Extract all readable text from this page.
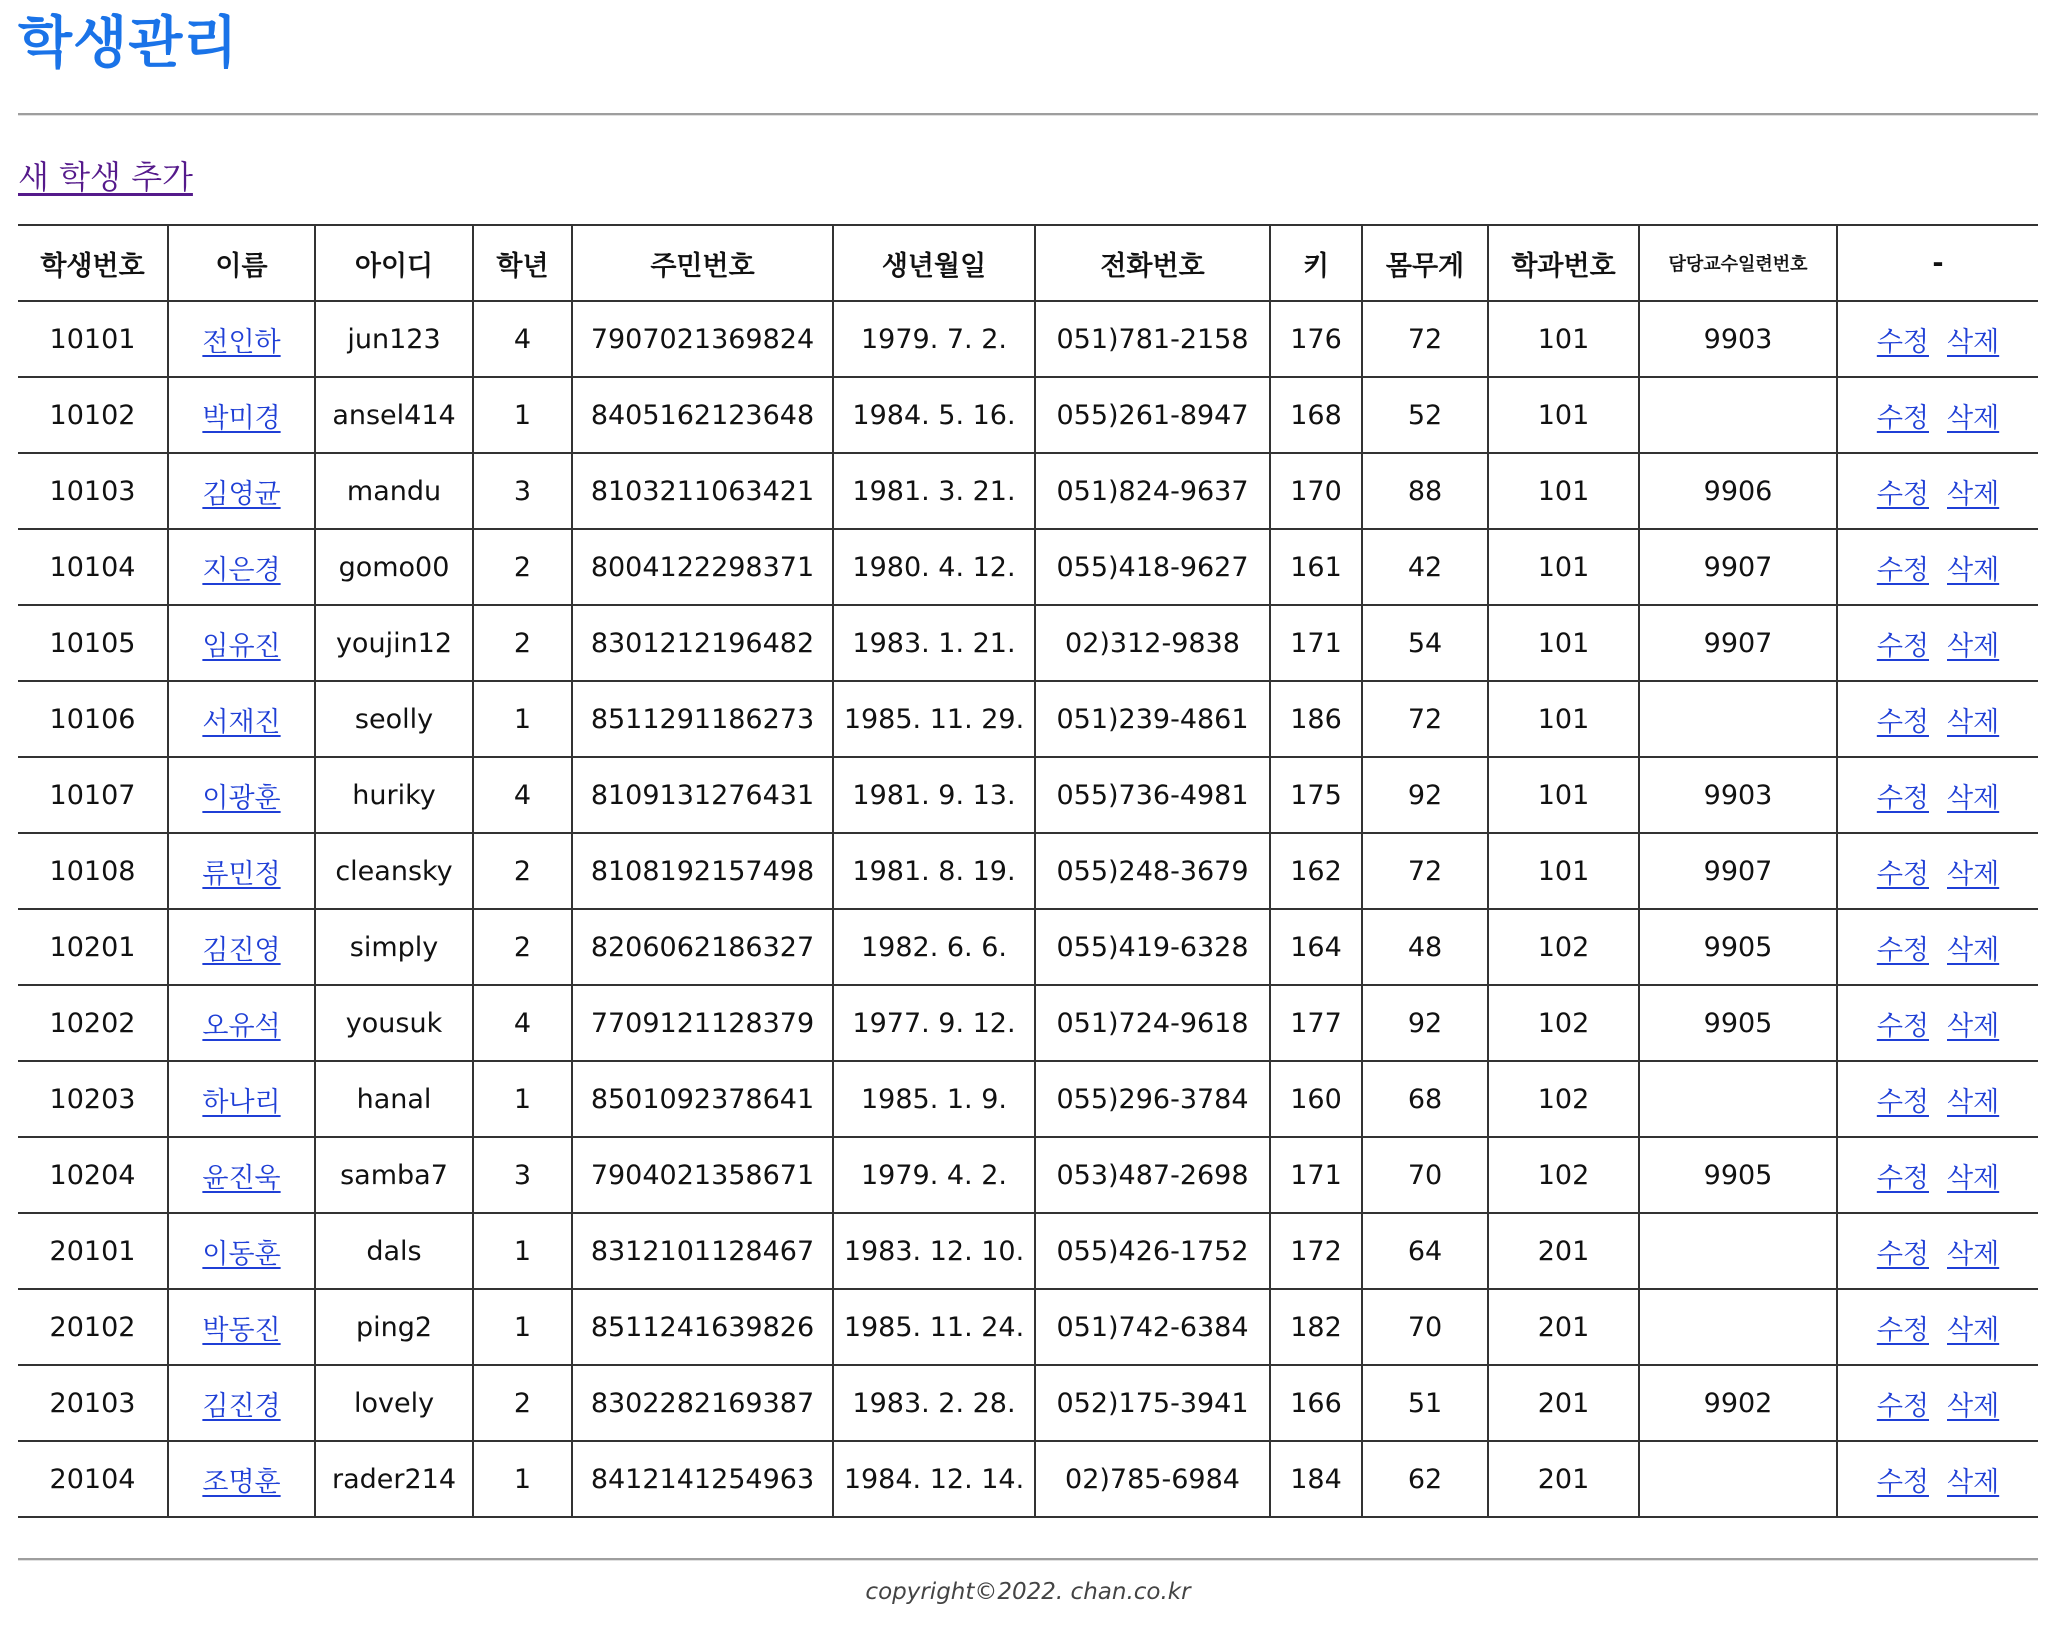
학생관리
새 학생 추가
학생번호	이름	아이디	학년	주민번호	생년월일	전화번호	키	몸무게	학과번호	담당교수일련번호	-
10101	전인하	jun123	4	7907021369824	1979. 7. 2.	051)781-2158	176	72	101	9903	수정 삭제
10102	박미경	ansel414	1	8405162123648	1984. 5. 16.	055)261-8947	168	52	101		수정 삭제
10103	김영균	mandu	3	8103211063421	1981. 3. 21.	051)824-9637	170	88	101	9906	수정 삭제
10104	지은경	gomo00	2	8004122298371	1980. 4. 12.	055)418-9627	161	42	101	9907	수정 삭제
10105	임유진	youjin12	2	8301212196482	1983. 1. 21.	02)312-9838	171	54	101	9907	수정 삭제
10106	서재진	seolly	1	8511291186273	1985. 11. 29.	051)239-4861	186	72	101		수정 삭제
10107	이광훈	huriky	4	8109131276431	1981. 9. 13.	055)736-4981	175	92	101	9903	수정 삭제
10108	류민정	cleansky	2	8108192157498	1981. 8. 19.	055)248-3679	162	72	101	9907	수정 삭제
10201	김진영	simply	2	8206062186327	1982. 6. 6.	055)419-6328	164	48	102	9905	수정 삭제
10202	오유석	yousuk	4	7709121128379	1977. 9. 12.	051)724-9618	177	92	102	9905	수정 삭제
10203	하나리	hanal	1	8501092378641	1985. 1. 9.	055)296-3784	160	68	102		수정 삭제
10204	윤진욱	samba7	3	7904021358671	1979. 4. 2.	053)487-2698	171	70	102	9905	수정 삭제
20101	이동훈	dals	1	8312101128467	1983. 12. 10.	055)426-1752	172	64	201		수정 삭제
20102	박동진	ping2	1	8511241639826	1985. 11. 24.	051)742-6384	182	70	201		수정 삭제
20103	김진경	lovely	2	8302282169387	1983. 2. 28.	052)175-3941	166	51	201	9902	수정 삭제
20104	조명훈	rader214	1	8412141254963	1984. 12. 14.	02)785-6984	184	62	201		수정 삭제
copyright©2022. chan.co.kr
